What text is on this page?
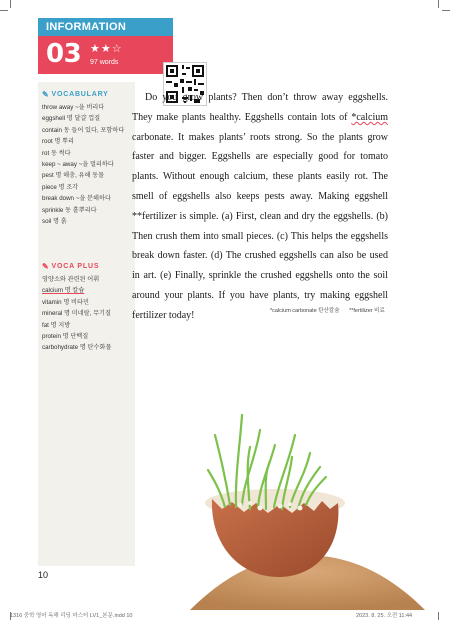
INFORMATION
03 ★★☆
97 words
✎ VOCABULARY
throw away ~을 버리다
eggshell 명 달걀 껍질
contain 동 들어 있다, 포함하다
root 명 뿌리
rot 동 썩다
keep ~ away ~을 멀리하다
pest 명 해충, 유해 동물
piece 명 조각
break down ~을 분해하다
sprinkle 동 흩뿌리다
soil 명 흙
✎ VOCA PLUS
영양소와 관련된 어휘
calcium 명 칼슘
vitamin 명 비타민
mineral 명 미네랄, 무기질
fat 명 지방
protein 명 단백질
carbohydrate 명 탄수화물

Do you grow plants? Then don’t throw away eggshells. They make plants healthy. Eggshells contain lots of *calcium carbonate. It makes plants’ roots strong. So the plants grow faster and bigger. Eggshells are especially good for tomato plants. Without enough calcium, these plants easily rot. The smell of eggshells also keeps pests away. Making eggshell **fertilizer is simple. (a) First, clean and dry the eggshells. (b) Then crush them into small pieces. (c) This helps the eggshells break down faster. (d) The crushed eggshells can also be used in art. (e) Finally, sprinkle the crushed eggshells onto the soil around your plants. If you have plants, try making eggshell fertilizer today!	*calcium carbonate 탄산칼슘 **fertilizer 비료
10
1316 중학 영어 독해 리딩 마스터 LV1_본문.indd 10	2023. 8. 25. 오전 11:44
